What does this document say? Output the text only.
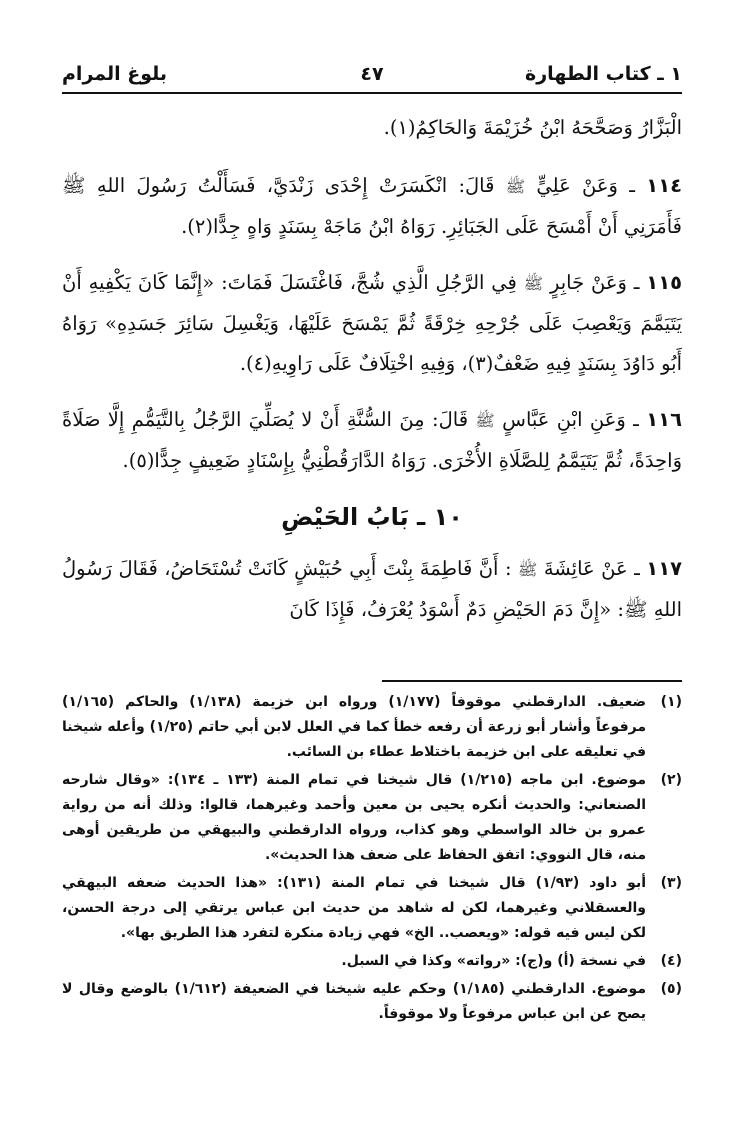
١ ـ كتاب الطهارة
٤٧
بلوغ المرام

الْبَزَّارُ وَصَحَّحَهُ ابْنُ خُزَيْمَةَ وَالحَاكِمُ(١).

١١٤ ـ وَعَنْ عَلِيٍّ ﷺ قَالَ: انْكَسَرَتْ إِحْدَى زَنْدَيَّ، فَسَأَلْتُ رَسُولَ اللهِ ﷺ فَأَمَرَنِي أَنْ أَمْسَحَ عَلَى الجَبَائِرِ. رَوَاهُ ابْنُ مَاجَهْ بِسَنَدٍ وَاهٍ جِدًّا(٢).

١١٥ ـ وَعَنْ جَابِرٍ ﷺ فِي الرَّجُلِ الَّذِي شُجَّ، فَاغْتَسَلَ فَمَاتَ: «إِنَّمَا كَانَ يَكْفِيهِ أَنْ يَتَيَمَّمَ وَيَعْصِبَ عَلَى جُرْحِهِ خِرْقَةً ثُمَّ يَمْسَحَ عَلَيْهَا، وَيَغْسِلَ سَائِرَ جَسَدِهِ» رَوَاهُ أَبُو دَاوُدَ بِسَنَدٍ فِيهِ ضَعْفٌ(٣)، وَفِيهِ اخْتِلَافٌ عَلَى رَاوِيهِ(٤).

١١٦ ـ وَعَنِ ابْنِ عَبَّاسٍ ﷺ قَالَ: مِنَ السُّنَّةِ أَنْ لا يُصَلِّيَ الرَّجُلُ بِالتَّيَمُّمِ إِلَّا صَلَاةً وَاحِدَةً، ثُمَّ يَتَيَمَّمُ لِلصَّلَاةِ الأُخْرَى. رَوَاهُ الدَّارَقُطْنِيُّ بِإِسْنَادٍ ضَعِيفٍ جِدًّا(٥).

١٠ ـ بَابُ الحَيْضِ

١١٧ ـ عَنْ عَائِشَةَ ﷺ : أَنَّ فَاطِمَةَ بِنْتَ أَبِي حُبَيْشٍ كَانَتْ تُسْتَحَاضُ، فَقَالَ رَسُولُ اللهِ ﷺ: «إِنَّ دَمَ الحَيْضِ دَمٌ أَسْوَدُ يُعْرَفُ، فَإِذَا كَانَ

(١)
ضعيف. الدارقطني موقوفاً (١/١٧٧) ورواه ابن خزيمة (١/١٣٨) والحاكم (١/١٦٥) مرفوعاً وأشار أبو زرعة أن رفعه خطأ كما في العلل لابن أبي حاتم (١/٢٥) وأعله شيخنا في تعليقه على ابن خزيمة باختلاط عطاء بن السائب.
(٢)
موضوع. ابن ماجه (١/٢١٥) قال شيخنا في تمام المنة (١٣٣ ـ ١٣٤): «وقال شارحه الصنعاني: والحديث أنكره يحيى بن معين وأحمد وغيرهما، قالوا: وذلك أنه من رواية عمرو بن خالد الواسطي وهو كذاب، ورواه الدارقطني والبيهقي من طريقين أوهى منه، قال النووي: اتفق الحفاظ على ضعف هذا الحديث».
(٣)
أبو داود (١/٩٣) قال شيخنا في تمام المنة (١٣١): «هذا الحديث ضعفه البيهقي والعسقلاني وغيرهما، لكن له شاهد من حديث ابن عباس يرتقي إلى درجة الحسن، لكن ليس فيه قوله: «ويعصب.. الخ» فهي زيادة منكرة لتفرد هذا الطريق بها».
(٤)
في نسخة (أ) و(ج): «رواته» وكذا في السبل.
(٥)
موضوع. الدارقطني (١/١٨٥) وحكم عليه شيخنا في الضعيفة (١/٦١٢) بالوضع وقال لا يصح عن ابن عباس مرفوعاً ولا موقوفاً.
